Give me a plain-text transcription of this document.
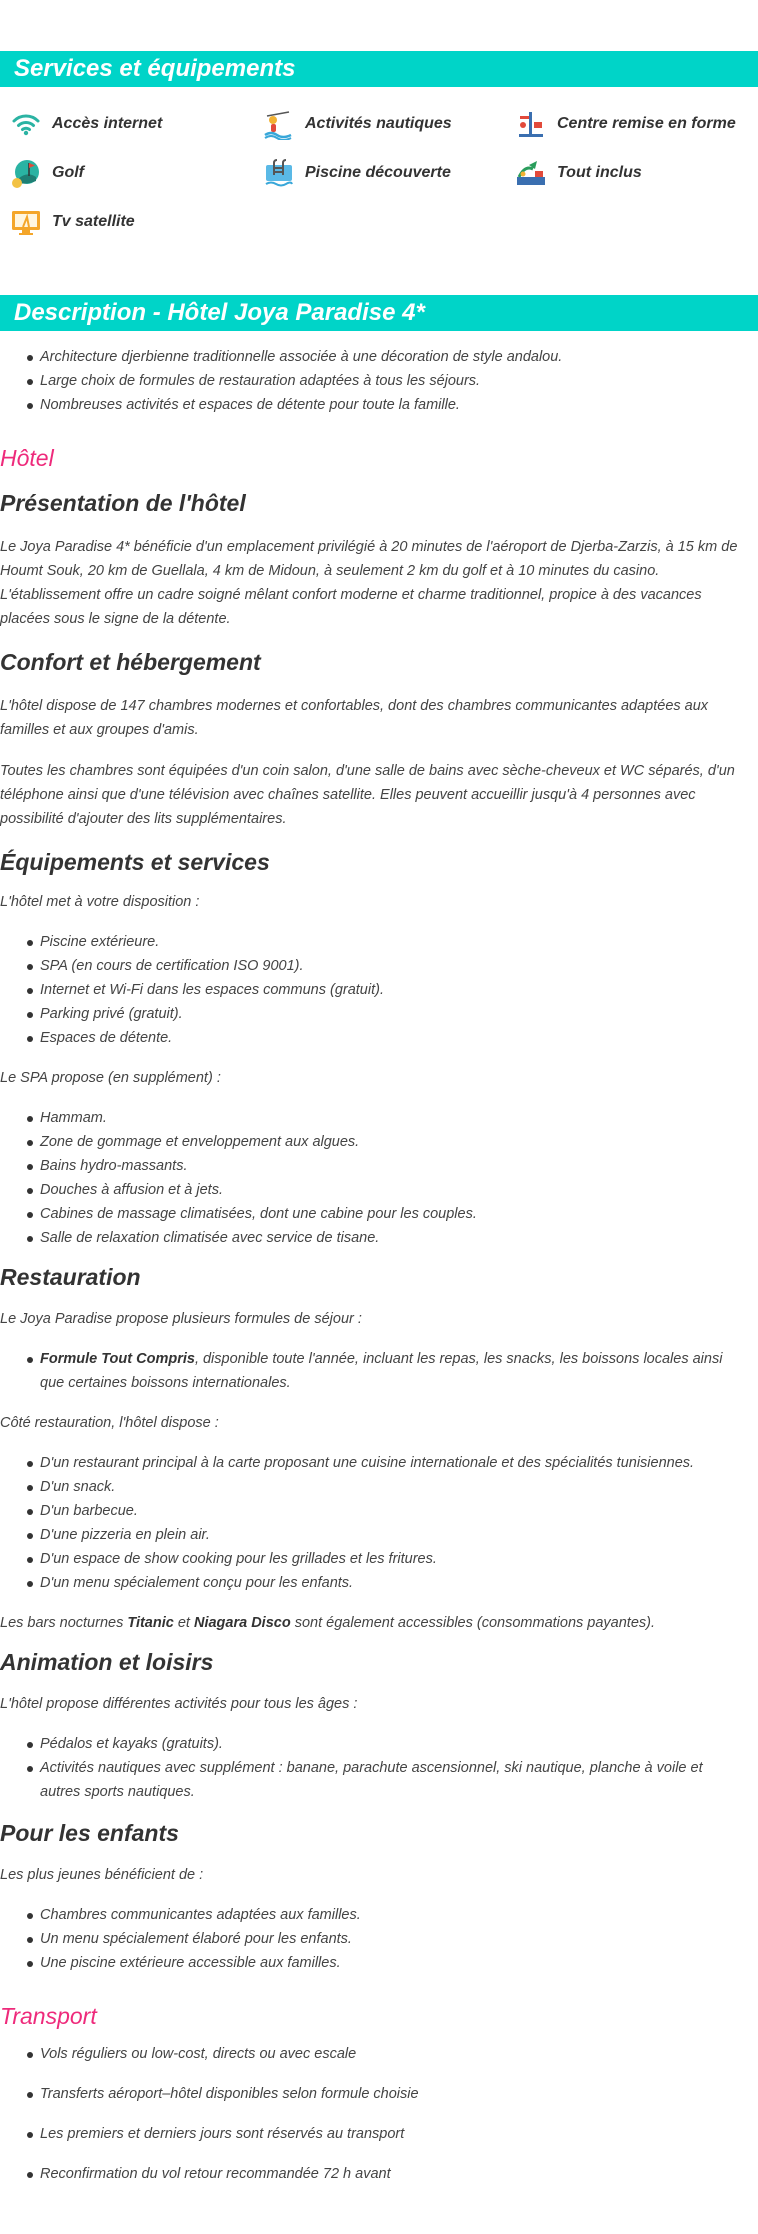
Services et équipements
Accès internet	Activités nautiques	Centre remise en forme
Golf	Piscine découverte	Tout inclus
Tv satellite
Description - Hôtel Joya Paradise 4*
Architecture djerbienne traditionnelle associée à une décoration de style andalou.
Large choix de formules de restauration adaptées à tous les séjours.
Nombreuses activités et espaces de détente pour toute la famille.
Hôtel
Présentation de l'hôtel

Le Joya Paradise 4* bénéficie d'un emplacement privilégié à 20 minutes de l'aéroport de Djerba-Zarzis, à 15 km de Houmt Souk, 20 km de Guellala, 4 km de Midoun, à seulement 2 km du golf et à 10 minutes du casino. L'établissement offre un cadre soigné mêlant confort moderne et charme traditionnel, propice à des vacances placées sous le signe de la détente.

Confort et hébergement

L'hôtel dispose de 147 chambres modernes et confortables, dont des chambres communicantes adaptées aux familles et aux groupes d'amis.

Toutes les chambres sont équipées d'un coin salon, d'une salle de bains avec sèche-cheveux et WC séparés, d'un téléphone ainsi que d'une télévision avec chaînes satellite. Elles peuvent accueillir jusqu'à 4 personnes avec possibilité d'ajouter des lits supplémentaires.

Équipements et services

L'hôtel met à votre disposition :

Piscine extérieure.
SPA (en cours de certification ISO 9001).
Internet et Wi-Fi dans les espaces communs (gratuit).
Parking privé (gratuit).
Espaces de détente.

Le SPA propose (en supplément) :

Hammam.
Zone de gommage et enveloppement aux algues.
Bains hydro-massants.
Douches à affusion et à jets.
Cabines de massage climatisées, dont une cabine pour les couples.
Salle de relaxation climatisée avec service de tisane.
Restauration

Le Joya Paradise propose plusieurs formules de séjour :

Formule Tout Compris, disponible toute l'année, incluant les repas, les snacks, les boissons locales ainsi que certaines boissons internationales.

Côté restauration, l'hôtel dispose :

D'un restaurant principal à la carte proposant une cuisine internationale et des spécialités tunisiennes.
D'un snack.
D'un barbecue.
D'une pizzeria en plein air.
D'un espace de show cooking pour les grillades et les fritures.
D'un menu spécialement conçu pour les enfants.

Les bars nocturnes Titanic et Niagara Disco sont également accessibles (consommations payantes).

Animation et loisirs

L'hôtel propose différentes activités pour tous les âges :

Pédalos et kayaks (gratuits).
Activités nautiques avec supplément : banane, parachute ascensionnel, ski nautique, planche à voile et autres sports nautiques.
Pour les enfants

Les plus jeunes bénéficient de :

Chambres communicantes adaptées aux familles.
Un menu spécialement élaboré pour les enfants.
Une piscine extérieure accessible aux familles.
Transport
Vols réguliers ou low-cost, directs ou avec escale
Transferts aéroport–hôtel disponibles selon formule choisie
Les premiers et derniers jours sont réservés au transport
Reconfirmation du vol retour recommandée 72 h avant
